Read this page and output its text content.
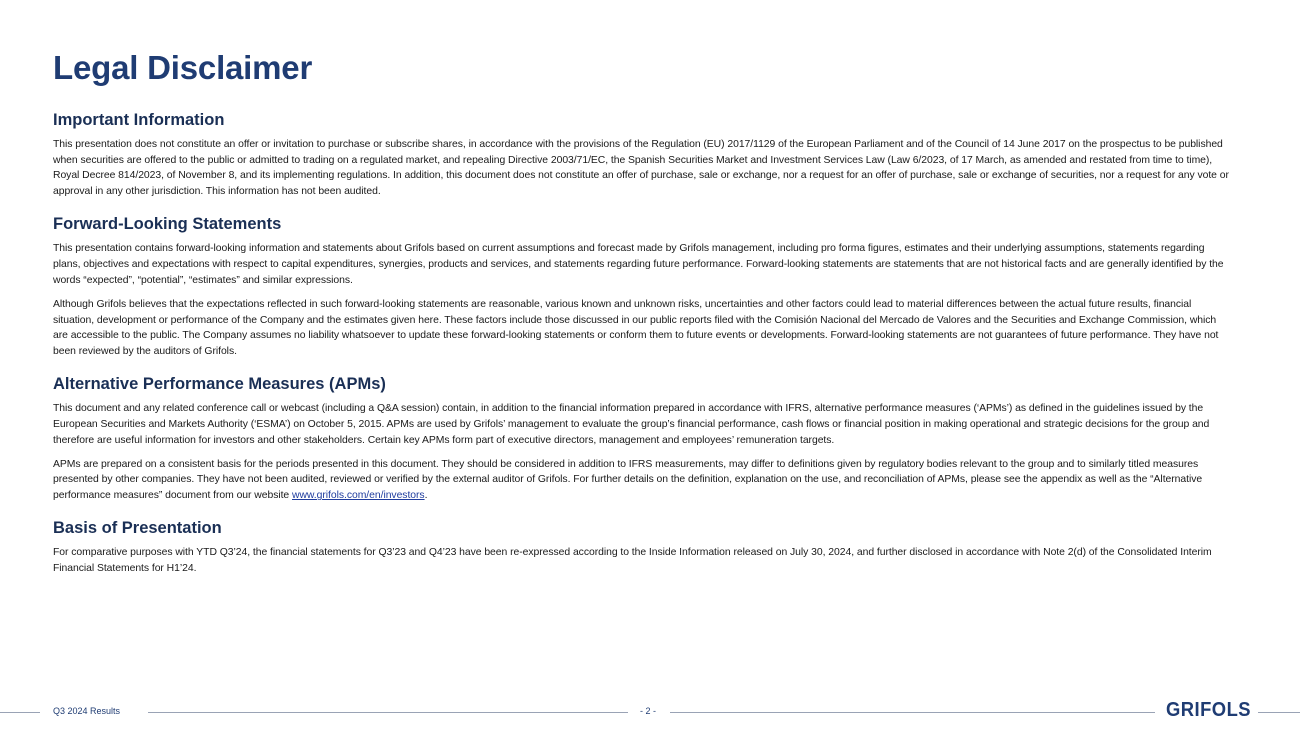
Legal Disclaimer
Important Information

This presentation does not constitute an offer or invitation to purchase or subscribe shares, in accordance with the provisions of the Regulation (EU) 2017/1129 of the European Parliament and of the Council of 14 June 2017 on the prospectus to be published when securities are offered to the public or admitted to trading on a regulated market, and repealing Directive 2003/71/EC, the Spanish Securities Market and Investment Services Law (Law 6/2023, of 17 March, as amended and restated from time to time), Royal Decree 814/2023, of November 8, and its implementing regulations. In addition, this document does not constitute an offer of purchase, sale or exchange, nor a request for an offer of purchase, sale or exchange of securities, nor a request for any vote or approval in any other jurisdiction. This information has not been audited.

Forward-Looking Statements

This presentation contains forward-looking information and statements about Grifols based on current assumptions and forecast made by Grifols management, including pro forma figures, estimates and their underlying assumptions, statements regarding plans, objectives and expectations with respect to capital expenditures, synergies, products and services, and statements regarding future performance. Forward-looking statements are statements that are not historical facts and are generally identified by the words “expected”, “potential”, “estimates” and similar expressions.

Although Grifols believes that the expectations reflected in such forward-looking statements are reasonable, various known and unknown risks, uncertainties and other factors could lead to material differences between the actual future results, financial situation, development or performance of the Company and the estimates given here. These factors include those discussed in our public reports filed with the Comisión Nacional del Mercado de Valores and the Securities and Exchange Commission, which are accessible to the public. The Company assumes no liability whatsoever to update these forward-looking statements or conform them to future events or developments. Forward-looking statements are not guarantees of future performance. They have not been reviewed by the auditors of Grifols.

Alternative Performance Measures (APMs)

This document and any related conference call or webcast (including a Q&A session) contain, in addition to the financial information prepared in accordance with IFRS, alternative performance measures (‘APMs’) as defined in the guidelines issued by the European Securities and Markets Authority (‘ESMA’) on October 5, 2015. APMs are used by Grifols’ management to evaluate the group’s financial performance, cash flows or financial position in making operational and strategic decisions for the group and therefore are useful information for investors and other stakeholders. Certain key APMs form part of executive directors, management and employees’ remuneration targets.

APMs are prepared on a consistent basis for the periods presented in this document. They should be considered in addition to IFRS measurements, may differ to definitions given by regulatory bodies relevant to the group and to similarly titled measures presented by other companies. They have not been audited, reviewed or verified by the external auditor of Grifols. For further details on the definition, explanation on the use, and reconciliation of APMs, please see the appendix as well as the “Alternative performance measures” document from our website www.grifols.com/en/investors.

Basis of Presentation

For comparative purposes with YTD Q3’24, the financial statements for Q3’23 and Q4’23 have been re-expressed according to the Inside Information released on July 30, 2024, and further disclosed in accordance with Note 2(d) of the Consolidated Interim Financial Statements for H1’24.

Q3 2024 Results	- 2 -	GRIFOLS
